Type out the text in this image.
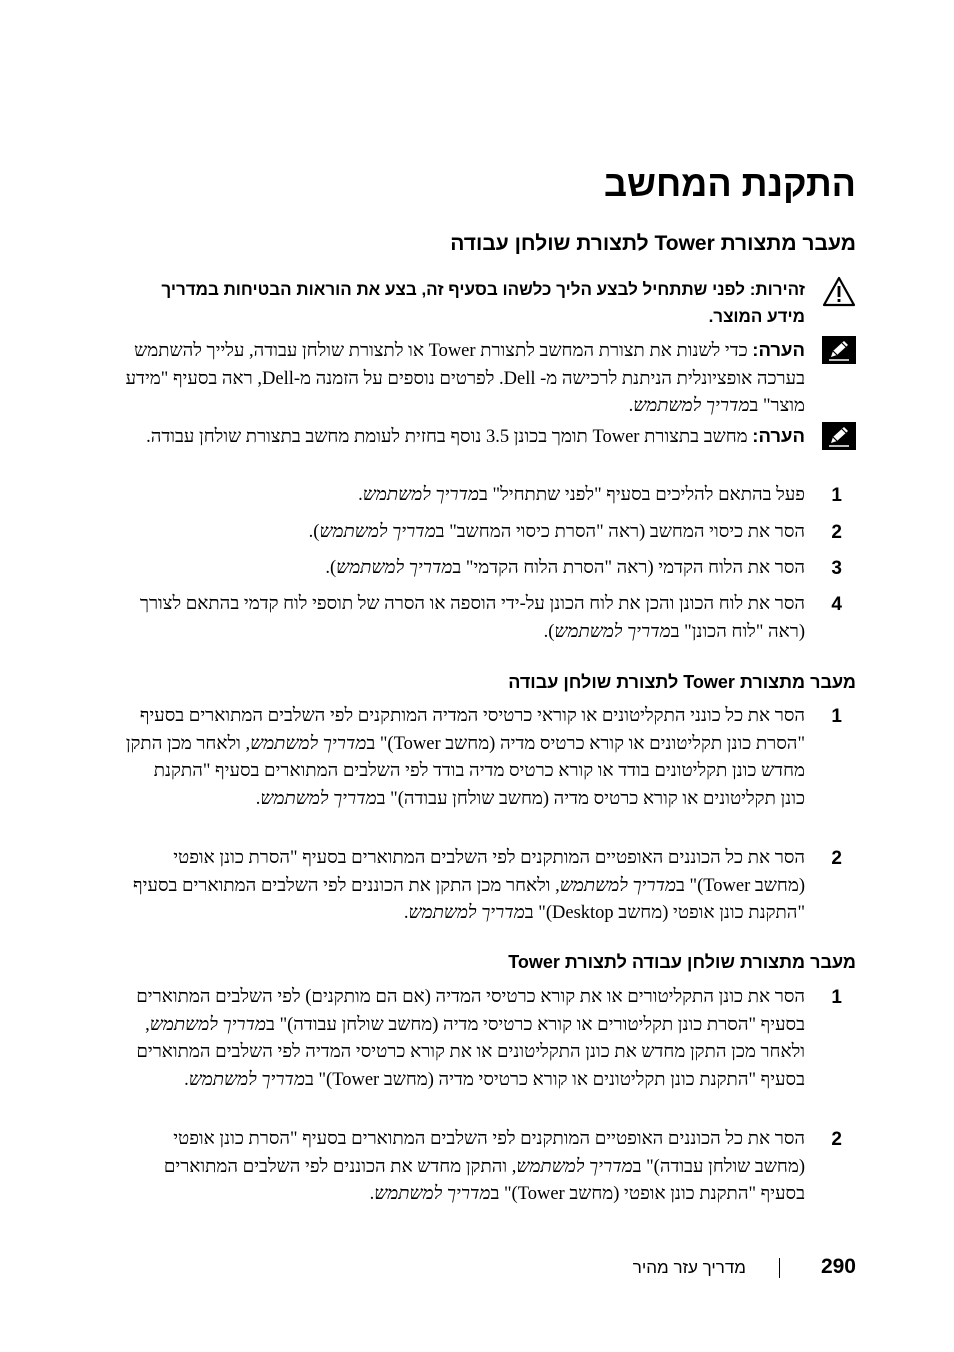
התקנת המחשב
מעבר מתצורת Tower לתצורת שולחן עבודה
זהירות: לפני שתתחיל לבצע הליך כלשהו בסעיף זה, בצע את הוראות הבטיחות במדריך מידע המוצר.
הערה: כדי לשנות את תצורת המחשב לתצורת Tower או לתצורת שולחן עבודה, עלייך להשתמש בערכה אופציונלית הניתנת לרכישה מ- Dell. לפרטים נוספים על הזמנה מ-Dell, ראה בסעיף "מידע מוצר" במדריך למשתמש.
הערה: מחשב בתצורת Tower תומך בכונן 3.5 נוסף בחזית לעומת מחשב בתצורת שולחן עבודה.
1
פעל בהתאם להליכים בסעיף "לפני שתתחיל" במדריך למשתמש.
2
הסר את כיסוי המחשב (ראה "הסרת כיסוי המחשב" במדריך למשתמש).
3
הסר את הלוח הקדמי (ראה "הסרת הלוח הקדמי" במדריך למשתמש).
4
הסר את לוח הכונן והכן את לוח הכונן על-ידי הוספה או הסרה של תוספי לוח קדמי בהתאם לצורך (ראה "לוח הכונן" במדריך למשתמש).
מעבר מתצורת Tower לתצורת שולחן עבודה
1
הסר את כל כונני התקליטונים או קוראי כרטיסי המדיה המותקנים לפי השלבים המתוארים בסעיף "הסרת כונן תקליטונים או קורא כרטיס מדיה (מחשב Tower)" במדריך למשתמש, ולאחר מכן התקן מחדש כונן תקליטונים בודד או קורא כרטיס מדיה בודד לפי השלבים המתוארים בסעיף "התקנת כונן תקליטונים או קורא כרטיס מדיה (מחשב שולחן עבודה)" במדריך למשתמש.
2
הסר את כל הכוננים האופטיים המותקנים לפי השלבים המתוארים בסעיף "הסרת כונן אופטי (מחשב Tower)" במדריך למשתמש, ולאחר מכן התקן את הכוננים לפי השלבים המתוארים בסעיף "התקנת כונן אופטי (מחשב Desktop)" במדריך למשתמש.
מעבר מתצורת שולחן עבודה לתצורת Tower
1
הסר את כונן התקליטורים או את קורא כרטיסי המדיה (אם הם מותקנים) לפי השלבים המתוארים בסעיף "הסרת כונן תקליטורים או קורא כרטיסי מדיה (מחשב שולחן עבודה)" במדריך למשתמש, ולאחר מכן התקן מחדש את כונן התקליטונים או את קורא כרטיסי המדיה לפי השלבים המתוארים בסעיף "התקנת כונן תקליטונים או קורא כרטיסי מדיה (מחשב Tower)" במדריך למשתמש.
2
הסר את כל הכוננים האופטיים המותקנים לפי השלבים המתוארים בסעיף "הסרת כונן אופטי (מחשב שולחן עבודה)" במדריך למשתמש, והתקן מחדש את הכוננים לפי השלבים המתוארים בסעיף "התקנת כונן אופטי (מחשב Tower)" במדריך למשתמש.
290
מדריך עזר מהיר
